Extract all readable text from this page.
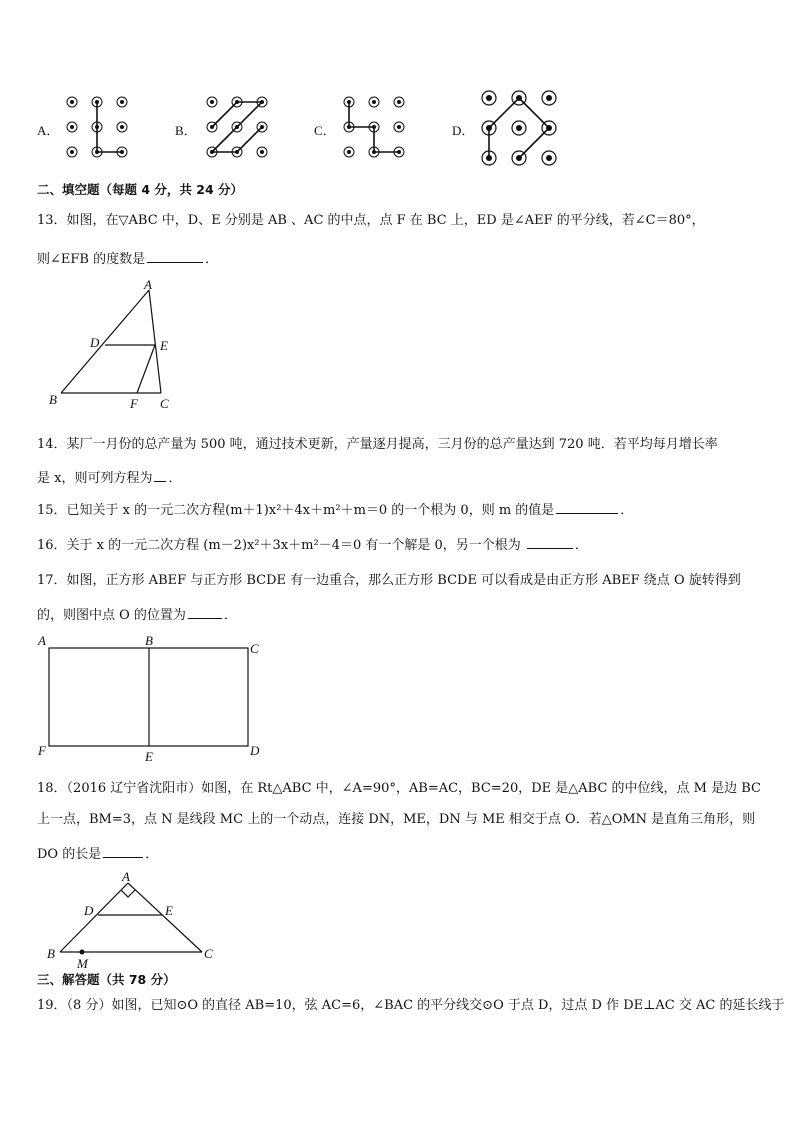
A．	B．	C．	D．
二、填空题（每题 4 分，共 24 分）
13．如图，在▽ABC 中，D、E 分别是 AB 、AC 的中点，点 F 在 BC 上，ED 是∠AEF 的平分线，若∠C＝80°，
则∠EFB 的度数是	．
A
B	C
D	E
F
14．某厂一月份的总产量为 500 吨，通过技术更新，产量逐月提高，三月份的总产量达到 720 吨．若平均每月增长率
是 x，则可列方程为 ．
15．已知关于 x 的一元二次方程(m＋1)x²＋4x＋m²＋m＝0 的一个根为 0，则 m 的值是	．
16．关于 x 的一元二次方程 (m－2)x²＋3x＋m²－4＝0 有一个解是 0，另一个根为	．
17．如图，正方形 ABEF 与正方形 BCDE 有一边重合，那么正方形 BCDE 可以看成是由正方形 ABEF 绕点 O 旋转得到
的，则图中点 O 的位置为	．
A	B
C
D
E
F
18．（2016 辽宁省沈阳市）如图，在 Rt△ABC 中，∠A=90°，AB=AC，BC=20，DE 是△ABC 的中位线，点 M 是边 BC
上一点，BM=3，点 N 是线段 MC 上的一个动点，连接 DN，ME，DN 与 ME 相交于点 O．若△OMN 是直角三角形，则
DO 的长是	．
A
B	C
D	E
M
三、解答题（共 78 分）
19．（8 分）如图，已知⊙O 的直径 AB=10，弦 AC=6，∠BAC 的平分线交⊙O 于点 D，过点 D 作 DE⊥AC 交 AC 的延长线于
